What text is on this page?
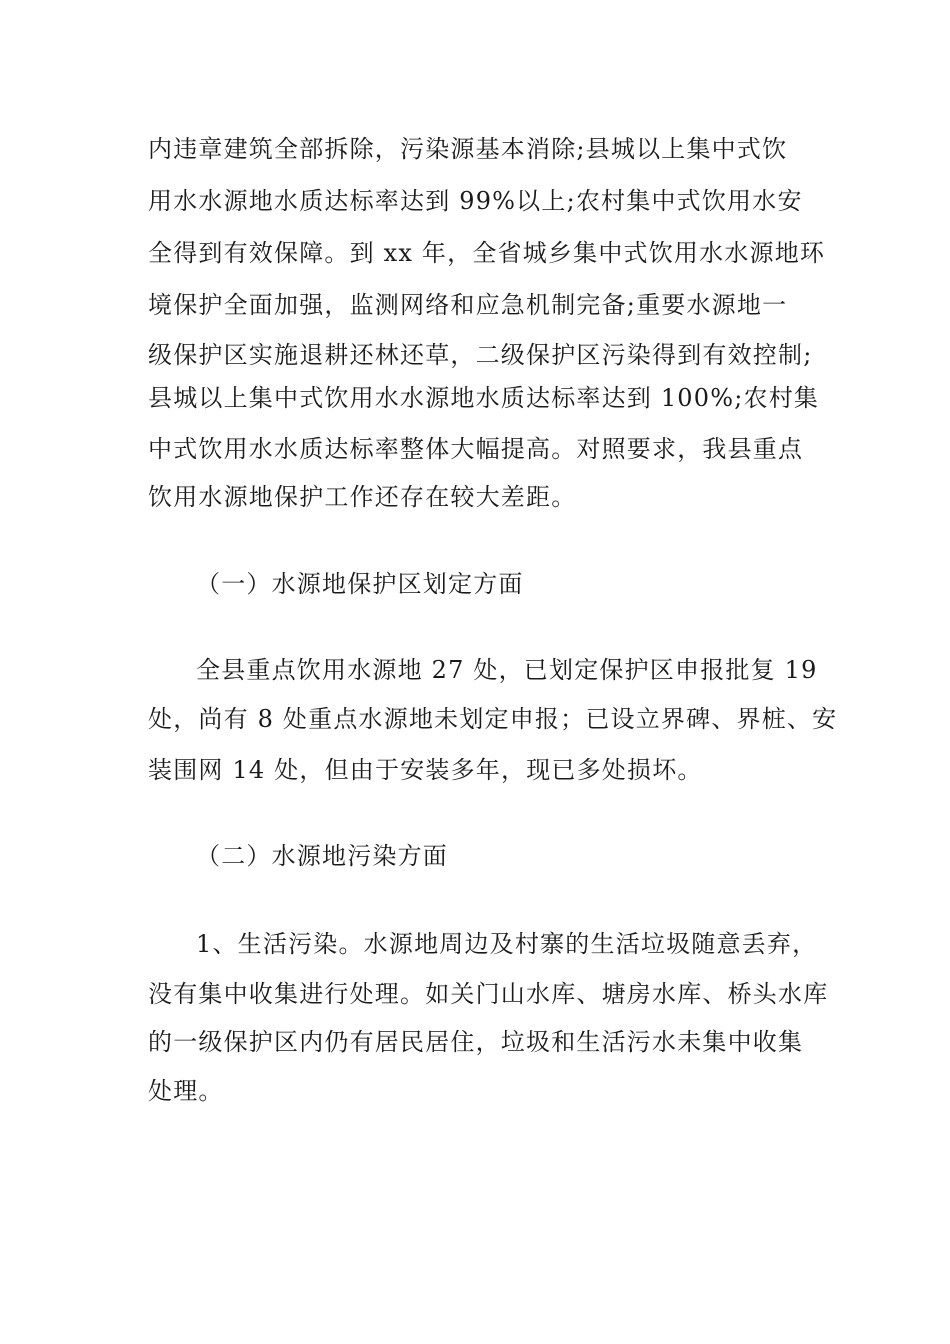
内违章建筑全部拆除，污染源基本消除;县城以上集中式饮
用水水源地水质达标率达到 99%以上;农村集中式饮用水安
全得到有效保障。到 xx 年，全省城乡集中式饮用水水源地环
境保护全面加强，监测网络和应急机制完备;重要水源地一
级保护区实施退耕还林还草，二级保护区污染得到有效控制;
县城以上集中式饮用水水源地水质达标率达到 100%;农村集
中式饮用水水质达标率整体大幅提高。对照要求，我县重点
饮用水源地保护工作还存在较大差距。
（一）水源地保护区划定方面
全县重点饮用水源地 27 处，已划定保护区申报批复 19
处，尚有 8 处重点水源地未划定申报；已设立界碑、界桩、安
装围网 14 处，但由于安装多年，现已多处损坏。
（二）水源地污染方面
1、生活污染。水源地周边及村寨的生活垃圾随意丢弃，
没有集中收集进行处理。如关门山水库、塘房水库、桥头水库
的一级保护区内仍有居民居住，垃圾和生活污水未集中收集
处理。
